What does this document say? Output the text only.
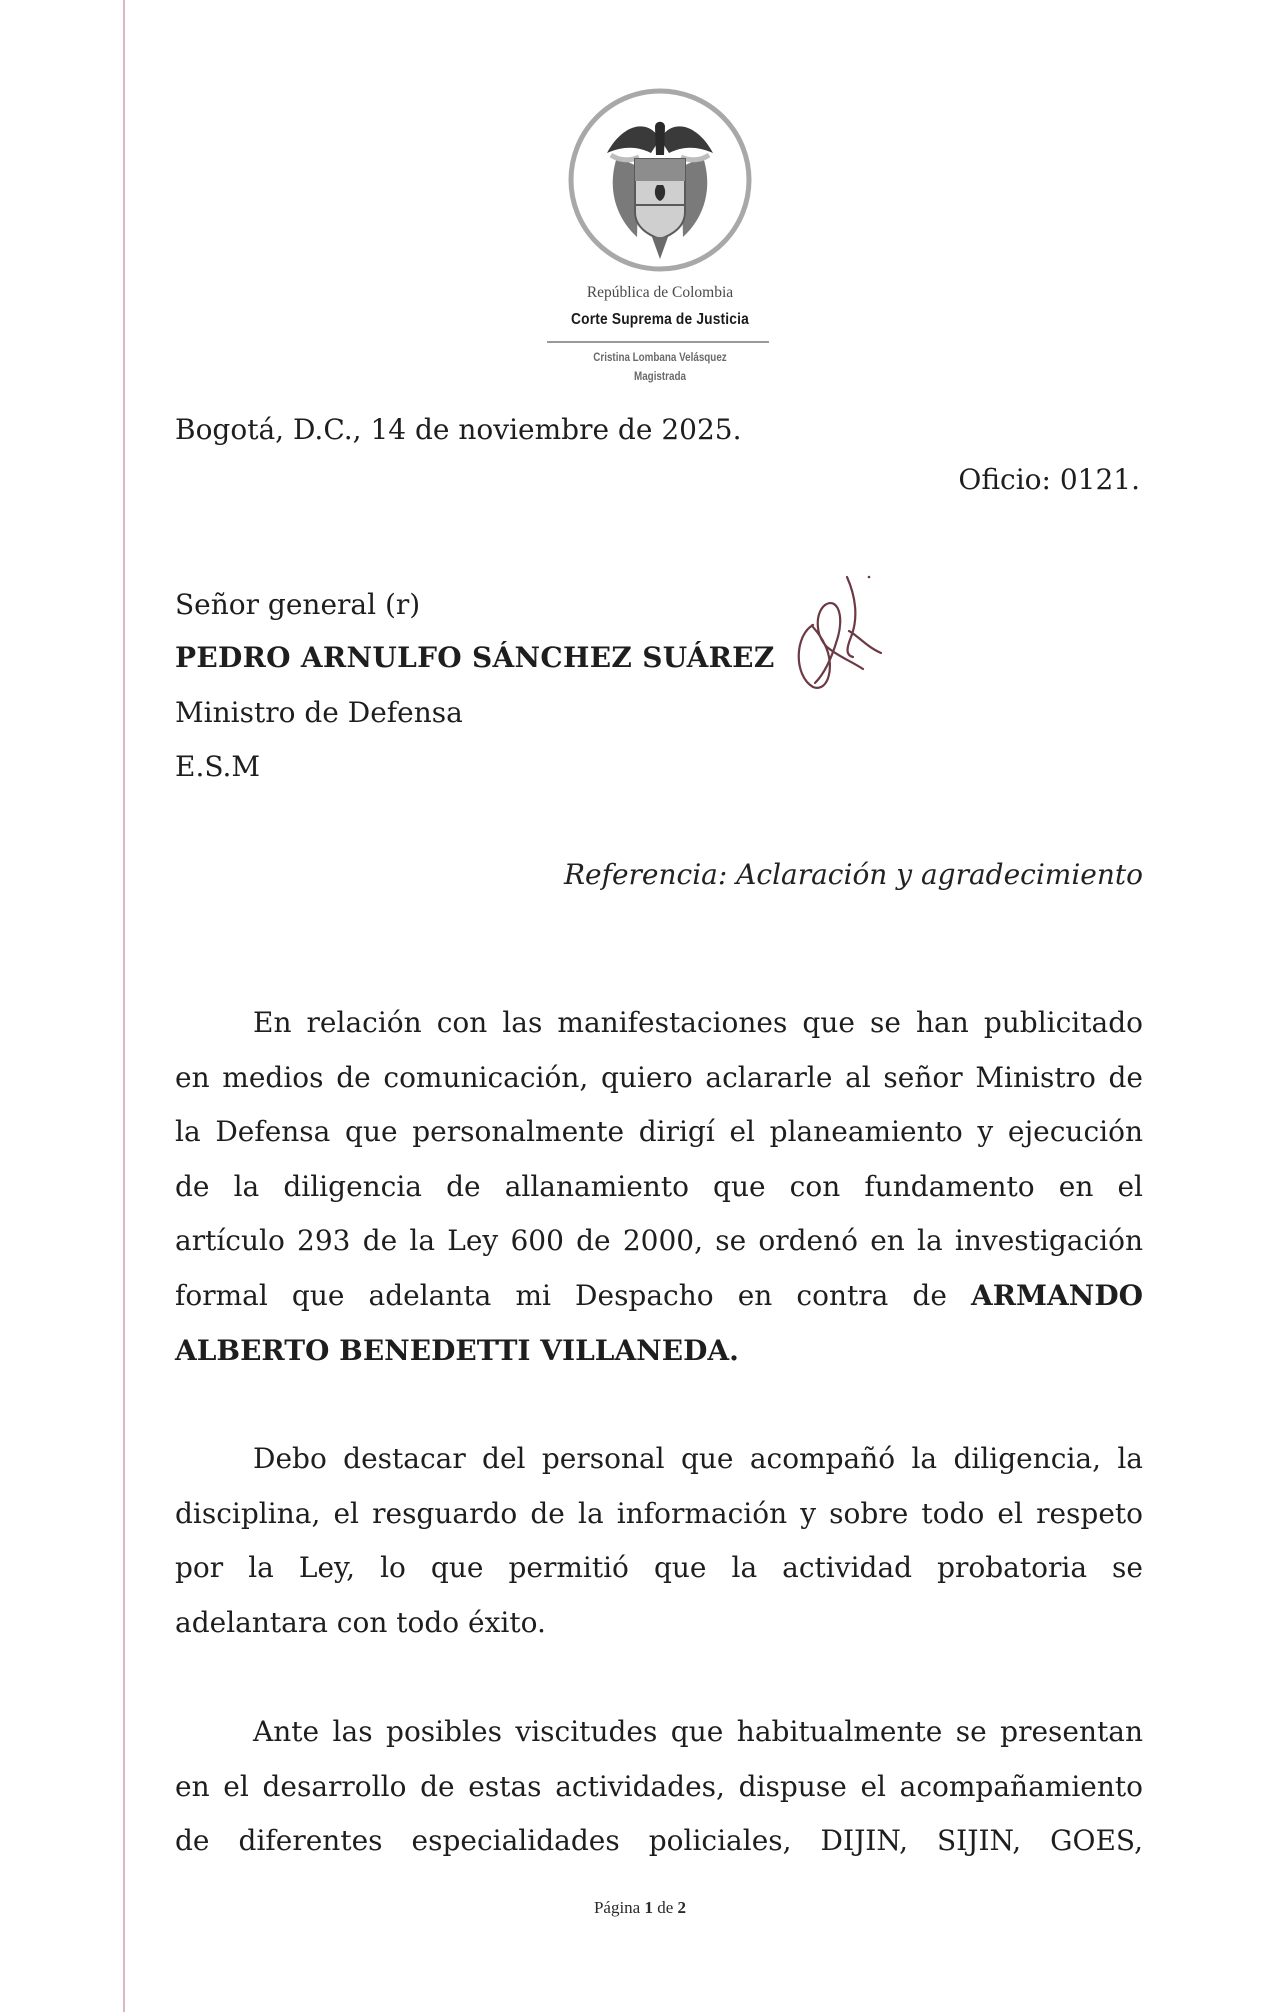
República de Colombia
Corte Suprema de Justicia
Cristina Lombana Velásquez
Magistrada
Bogotá, D.C., 14 de noviembre de 2025.
Oficio: 0121.
Señor general (r)
PEDRO ARNULFO SÁNCHEZ SUÁREZ
Ministro de Defensa
E.S.M
Referencia: Aclaración y agradecimiento
En relación con las manifestaciones que se han publicitado
en medios de comunicación, quiero aclararle al señor Ministro de
la Defensa que personalmente dirigí el planeamiento y ejecución
de la diligencia de allanamiento que con fundamento en el
artículo 293 de la Ley 600 de 2000, se ordenó en la investigación
formal que adelanta mi Despacho en contra de ARMANDO
ALBERTO BENEDETTI VILLANEDA.
Debo destacar del personal que acompañó la diligencia, la
disciplina, el resguardo de la información y sobre todo el respeto
por la Ley, lo que permitió que la actividad probatoria se
adelantara con todo éxito.
Ante las posibles viscitudes que habitualmente se presentan
en el desarrollo de estas actividades, dispuse el acompañamiento
de diferentes especialidades policiales, DIJIN, SIJIN, GOES,
Página 1 de 2
